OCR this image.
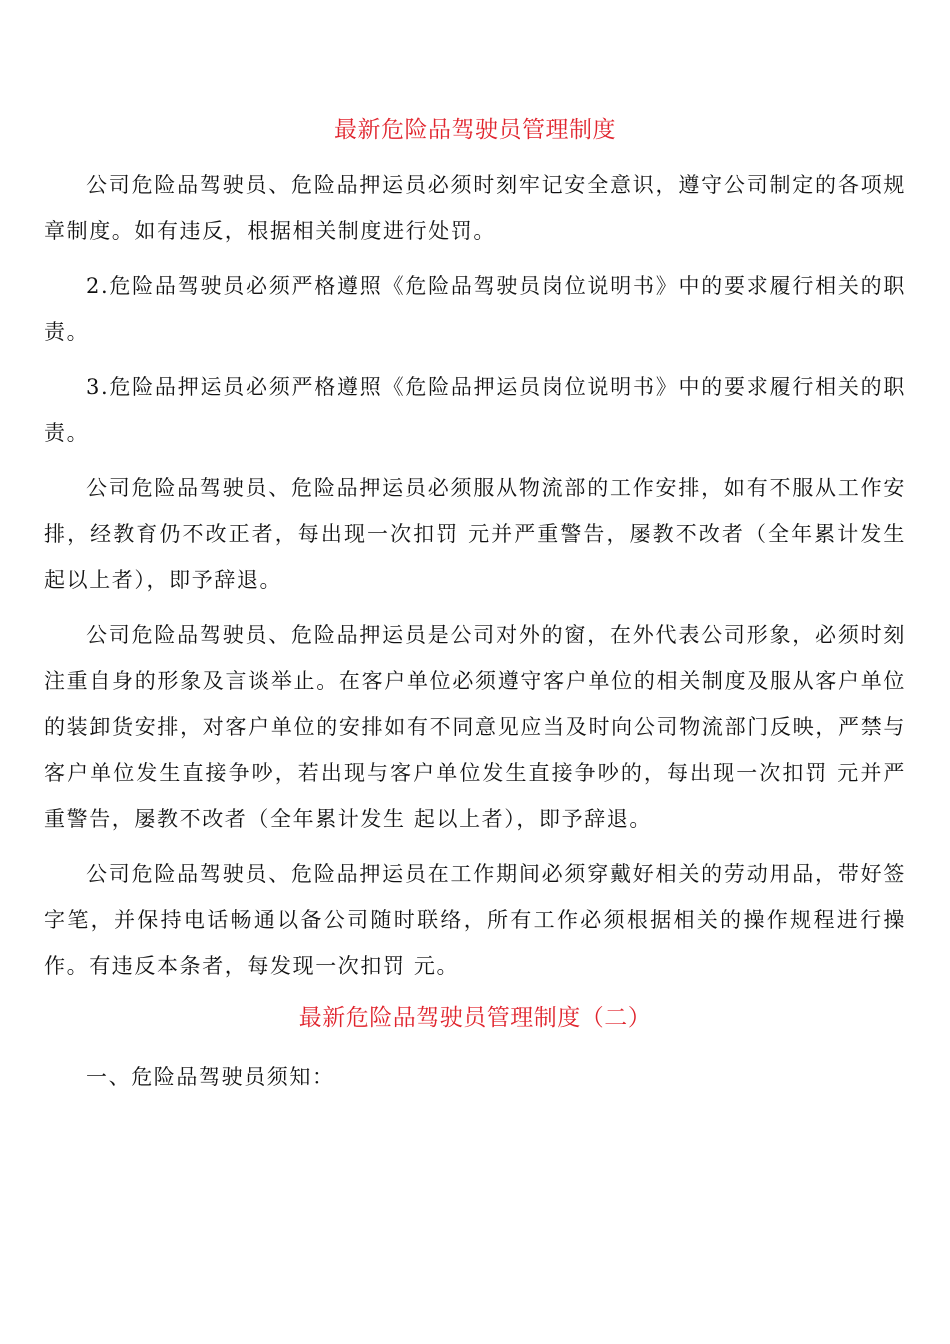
最新危险品驾驶员管理制度

公司危险品驾驶员、危险品押运员必须时刻牢记安全意识，遵守公司制定的各项规章制度。如有违反，根据相关制度进行处罚。

2.危险品驾驶员必须严格遵照《危险品驾驶员岗位说明书》中的要求履行相关的职责。

3.危险品押运员必须严格遵照《危险品押运员岗位说明书》中的要求履行相关的职责。

公司危险品驾驶员、危险品押运员必须服从物流部的工作安排，如有不服从工作安排，经教育仍不改正者，每出现一次扣罚 元并严重警告，屡教不改者（全年累计发生 起以上者），即予辞退。

公司危险品驾驶员、危险品押运员是公司对外的窗，在外代表公司形象，必须时刻注重自身的形象及言谈举止。在客户单位必须遵守客户单位的相关制度及服从客户单位的装卸货安排，对客户单位的安排如有不同意见应当及时向公司物流部门反映，严禁与客户单位发生直接争吵，若出现与客户单位发生直接争吵的，每出现一次扣罚 元并严重警告，屡教不改者（全年累计发生 起以上者），即予辞退。

公司危险品驾驶员、危险品押运员在工作期间必须穿戴好相关的劳动用品，带好签字笔，并保持电话畅通以备公司随时联络，所有工作必须根据相关的操作规程进行操作。有违反本条者，每发现一次扣罚 元。

最新危险品驾驶员管理制度（二）

一、危险品驾驶员须知：
